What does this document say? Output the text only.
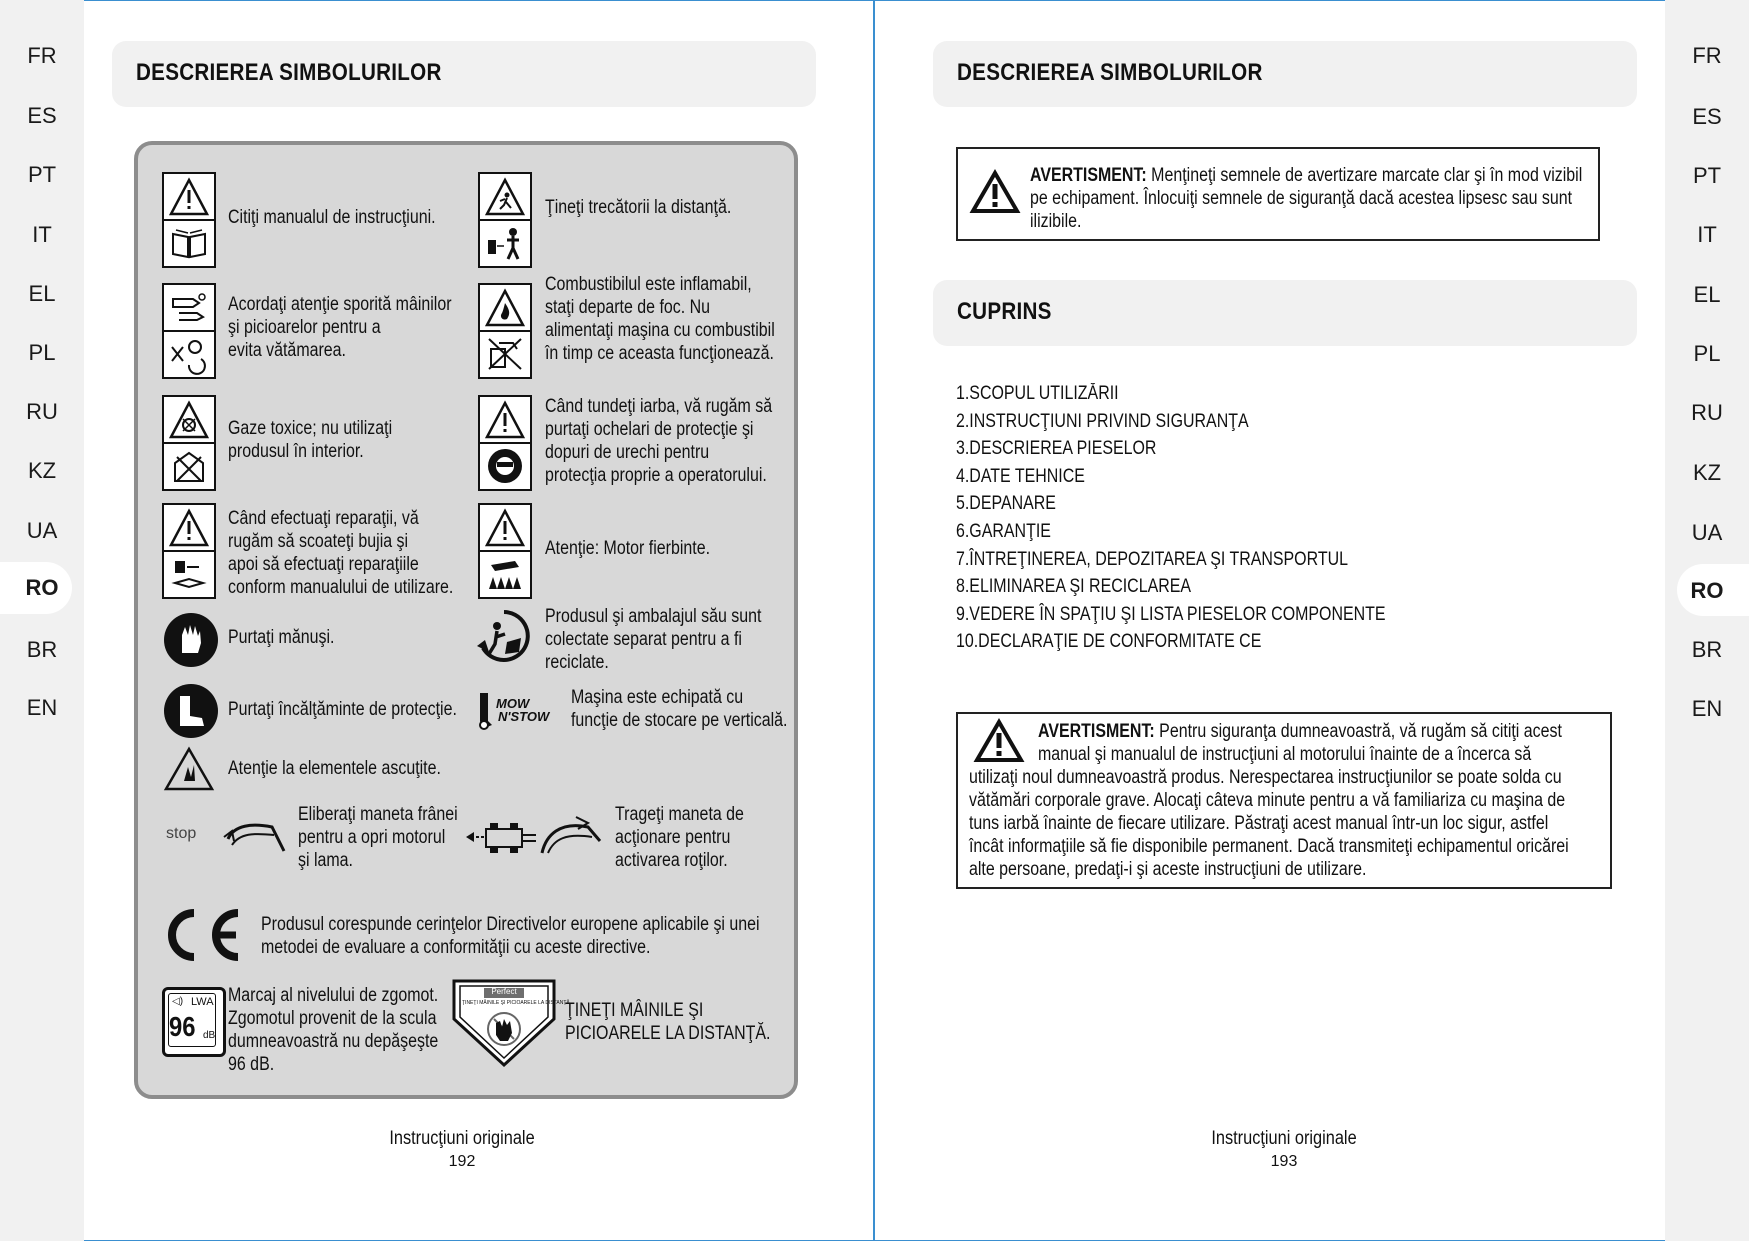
FR
ES
PT
IT
EL
PL
RU
KZ
UA
RO
BR
EN
FR
ES
PT
IT
EL
PL
RU
KZ
UA
RO
BR
EN
DESCRIEREA SIMBOLURILOR
Citiţi manualul de instrucţiuni.	Ţineţi trecătorii la distanţă.
Acordaţi atenţie sporită mâinilor
şi picioarelor pentru a
evita vătămarea.
Combustibilul este inflamabil,
staţi departe de foc. Nu
alimentaţi maşina cu combustibil
în timp ce aceasta funcţionează.
Gaze toxice; nu utilizaţi
produsul în interior.
Când tundeţi iarba, vă rugăm să
purtaţi ochelari de protecţie şi
dopuri de urechi pentru
protecţia proprie a operatorului.
Când efectuaţi reparaţii, vă
rugăm să scoateţi bujia şi
apoi să efectuaţi reparaţiile
conform manualului de utilizare.
Atenţie: Motor fierbinte.
Purtaţi mănuşi.
Produsul şi ambalajul său sunt
colectate separat pentru a fi
reciclate.
Purtaţi încălţăminte de protecţie.	MOW
N'STOW
Maşina este echipată cu
funcţie de stocare pe verticală.
Atenţie la elementele ascuţite.
stop
Eliberaţi maneta frânei
pentru a opri motorul
şi lama.
Trageţi maneta de
acţionare pentru
activarea roţilor.
Produsul corespunde cerinţelor Directivelor europene aplicabile şi unei
metodei de evaluare a conformităţii cu aceste directive.
◁) LWA
96 dB
Marcaj al nivelului de zgomot.
Zgomotul provenit de la scula
dumneavoastră nu depăşeşte
96 dB.
Perfect
ŢINEŢI MÂINILE ŞI PICIOARELE LA DISTANŢĂ
ŢINEŢI MÂINILE ŞI
PICIOARELE LA DISTANŢĂ.
Instrucţiuni originale
192
DESCRIEREA SIMBOLURILOR
AVERTISMENT: Menţineţi semnele de avertizare marcate clar şi în mod vizibil
pe echipament. Înlocuiţi semnele de siguranţă dacă acestea lipsesc sau sunt
ilizibile.
CUPRINS
1.SCOPUL UTILIZĂRII
2.INSTRUCŢIUNI PRIVIND SIGURANŢA
3.DESCRIEREA PIESELOR
4.DATE TEHNICE
5.DEPANARE
6.GARANŢIE
7.ÎNTREŢINEREA, DEPOZITAREA ŞI TRANSPORTUL
8.ELIMINAREA ŞI RECICLAREA
9.VEDERE ÎN SPAŢIU ŞI LISTA PIESELOR COMPONENTE
10.DECLARAŢIE DE CONFORMITATE CE
AVERTISMENT: Pentru siguranţa dumneavoastră, vă rugăm să citiţi acest
manual şi manualul de instrucţiuni al motorului înainte de a încerca să
utilizaţi noul dumneavoastră produs. Nerespectarea instrucţiunilor se poate solda cu
vătămări corporale grave. Alocaţi câteva minute pentru a vă familiariza cu maşina de
tuns iarbă înainte de fiecare utilizare. Păstraţi acest manual într-un loc sigur, astfel
încât informaţiile să fie disponibile permanent. Dacă transmiteţi echipamentul oricărei
alte persoane, predaţi-i şi aceste instrucţiuni de utilizare.
Instrucţiuni originale
193
